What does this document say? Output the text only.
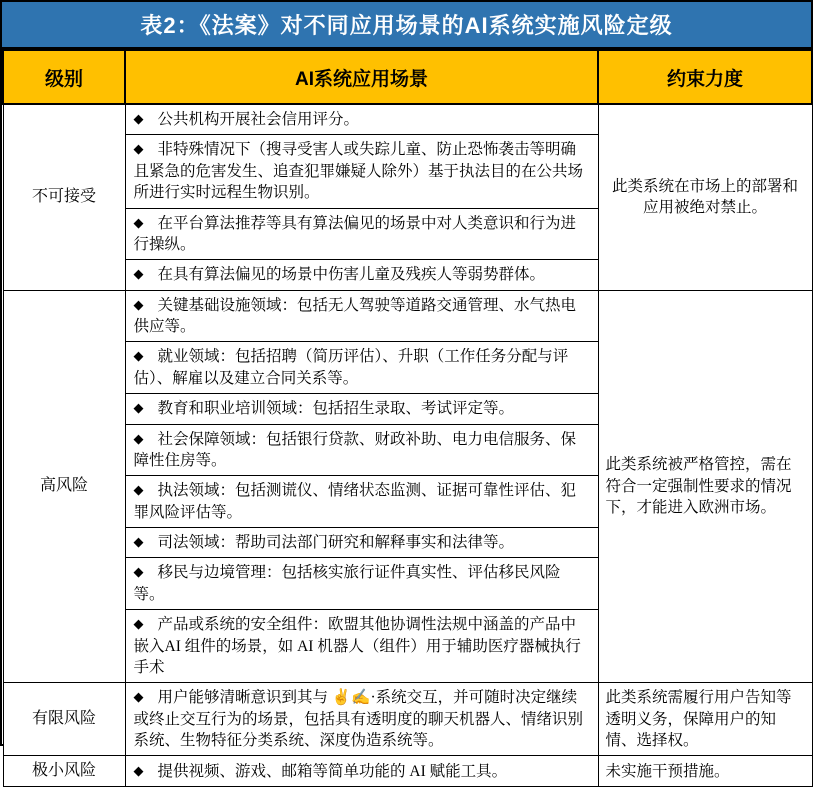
表2：《法案》对不同应用场景的AI系统实施风险定级
级别	AI系统应用场景	约束力度
不可接受	◆ 公共机构开展社会信用评分。	此类系统在市场上的部署和应用被绝对禁止。
	◆ 非特殊情况下（搜寻受害人或失踪儿童、防止恐怖袭击等明确且紧急的危害发生、追查犯罪嫌疑人除外）基于执法目的在公共场所进行实时远程生物识别。	
	◆ 在平台算法推荐等具有算法偏见的场景中对人类意识和行为进行操纵。	
	◆ 在具有算法偏见的场景中伤害儿童及残疾人等弱势群体。	
高风险	◆ 关键基础设施领域：包括无人驾驶等道路交通管理、水气热电供应等。	此类系统被严格管控，需在符合一定强制性要求的情况下，才能进入欧洲市场。
	◆ 就业领域：包括招聘（简历评估）、升职（工作任务分配与评估）、解雇以及建立合同关系等。	
	◆ 教育和职业培训领域：包括招生录取、考试评定等。	
	◆ 社会保障领域：包括银行贷款、财政补助、电力电信服务、保障性住房等。	
	◆ 执法领域：包括测谎仪、情绪状态监测、证据可靠性评估、犯罪风险评估等。	
	◆ 司法领域：帮助司法部门研究和解释事实和法律等。	
	◆ 移民与边境管理：包括核实旅行证件真实性、评估移民风险等。	
	◆ 产品或系统的安全组件：欧盟其他协调性法规中涵盖的产品中嵌入AI 组件的场景，如 AI 机器人（组件）用于辅助医疗器械执行手术	
有限风险	◆ 用户能够清晰意识到其与 ✌✍·系统交互，并可随时决定继续或终止交互行为的场景，包括具有透明度的聊天机器人、情绪识别系统、生物特征分类系统、深度伪造系统等。	此类系统需履行用户告知等透明义务，保障用户的知情、选择权。
极小风险	◆ 提供视频、游戏、邮箱等简单功能的 AI 赋能工具。	未实施干预措施。
